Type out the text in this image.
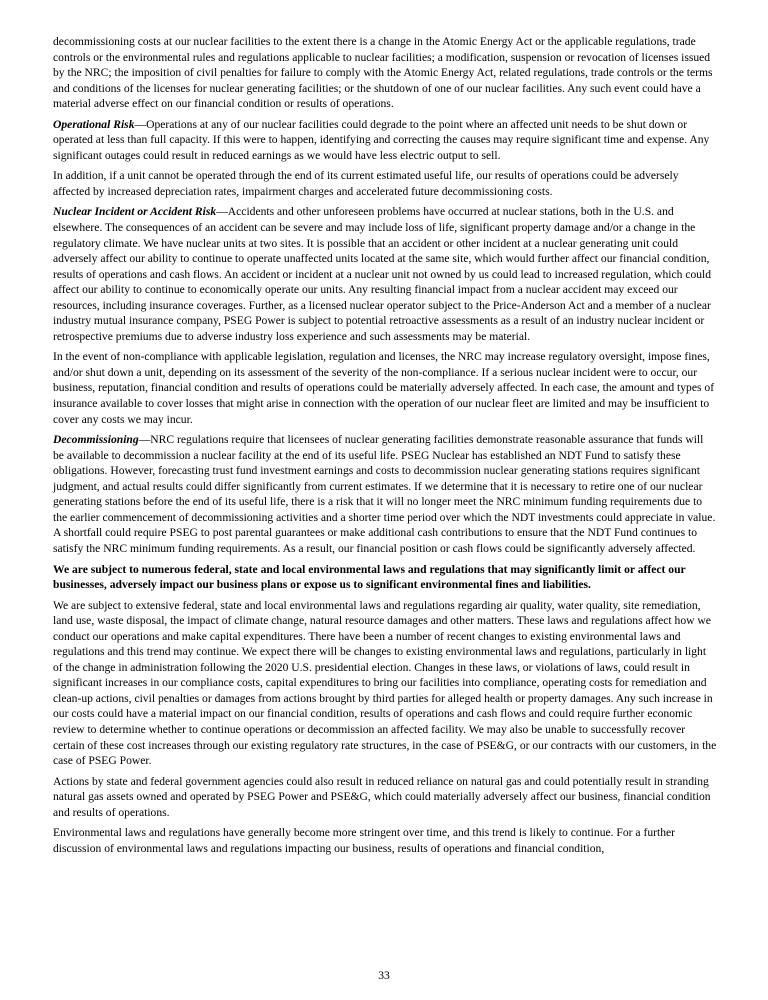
decommissioning costs at our nuclear facilities to the extent there is a change in the Atomic Energy Act or the applicable regulations, trade controls or the environmental rules and regulations applicable to nuclear facilities; a modification, suspension or revocation of licenses issued by the NRC; the imposition of civil penalties for failure to comply with the Atomic Energy Act, related regulations, trade controls or the terms and conditions of the licenses for nuclear generating facilities; or the shutdown of one of our nuclear facilities. Any such event could have a material adverse effect on our financial condition or results of operations.

Operational Risk—Operations at any of our nuclear facilities could degrade to the point where an affected unit needs to be shut down or operated at less than full capacity. If this were to happen, identifying and correcting the causes may require significant time and expense. Any significant outages could result in reduced earnings as we would have less electric output to sell.

In addition, if a unit cannot be operated through the end of its current estimated useful life, our results of operations could be adversely affected by increased depreciation rates, impairment charges and accelerated future decommissioning costs.

Nuclear Incident or Accident Risk—Accidents and other unforeseen problems have occurred at nuclear stations, both in the U.S. and elsewhere. The consequences of an accident can be severe and may include loss of life, significant property damage and/or a change in the regulatory climate. We have nuclear units at two sites. It is possible that an accident or other incident at a nuclear generating unit could adversely affect our ability to continue to operate unaffected units located at the same site, which would further affect our financial condition, results of operations and cash flows. An accident or incident at a nuclear unit not owned by us could lead to increased regulation, which could affect our ability to continue to economically operate our units. Any resulting financial impact from a nuclear accident may exceed our resources, including insurance coverages. Further, as a licensed nuclear operator subject to the Price-Anderson Act and a member of a nuclear industry mutual insurance company, PSEG Power is subject to potential retroactive assessments as a result of an industry nuclear incident or retrospective premiums due to adverse industry loss experience and such assessments may be material.

In the event of non-compliance with applicable legislation, regulation and licenses, the NRC may increase regulatory oversight, impose fines, and/or shut down a unit, depending on its assessment of the severity of the non-compliance. If a serious nuclear incident were to occur, our business, reputation, financial condition and results of operations could be materially adversely affected. In each case, the amount and types of insurance available to cover losses that might arise in connection with the operation of our nuclear fleet are limited and may be insufficient to cover any costs we may incur.

Decommissioning—NRC regulations require that licensees of nuclear generating facilities demonstrate reasonable assurance that funds will be available to decommission a nuclear facility at the end of its useful life. PSEG Nuclear has established an NDT Fund to satisfy these obligations. However, forecasting trust fund investment earnings and costs to decommission nuclear generating stations requires significant judgment, and actual results could differ significantly from current estimates. If we determine that it is necessary to retire one of our nuclear generating stations before the end of its useful life, there is a risk that it will no longer meet the NRC minimum funding requirements due to the earlier commencement of decommissioning activities and a shorter time period over which the NDT investments could appreciate in value. A shortfall could require PSEG to post parental guarantees or make additional cash contributions to ensure that the NDT Fund continues to satisfy the NRC minimum funding requirements. As a result, our financial position or cash flows could be significantly adversely affected.

We are subject to numerous federal, state and local environmental laws and regulations that may significantly limit or affect our businesses, adversely impact our business plans or expose us to significant environmental fines and liabilities.

We are subject to extensive federal, state and local environmental laws and regulations regarding air quality, water quality, site remediation, land use, waste disposal, the impact of climate change, natural resource damages and other matters. These laws and regulations affect how we conduct our operations and make capital expenditures. There have been a number of recent changes to existing environmental laws and regulations and this trend may continue. We expect there will be changes to existing environmental laws and regulations, particularly in light of the change in administration following the 2020 U.S. presidential election. Changes in these laws, or violations of laws, could result in significant increases in our compliance costs, capital expenditures to bring our facilities into compliance, operating costs for remediation and clean-up actions, civil penalties or damages from actions brought by third parties for alleged health or property damages. Any such increase in our costs could have a material impact on our financial condition, results of operations and cash flows and could require further economic review to determine whether to continue operations or decommission an affected facility. We may also be unable to successfully recover certain of these cost increases through our existing regulatory rate structures, in the case of PSE&G, or our contracts with our customers, in the case of PSEG Power.

Actions by state and federal government agencies could also result in reduced reliance on natural gas and could potentially result in stranding natural gas assets owned and operated by PSEG Power and PSE&G, which could materially adversely affect our business, financial condition and results of operations.

Environmental laws and regulations have generally become more stringent over time, and this trend is likely to continue. For a further discussion of environmental laws and regulations impacting our business, results of operations and financial condition,

33
